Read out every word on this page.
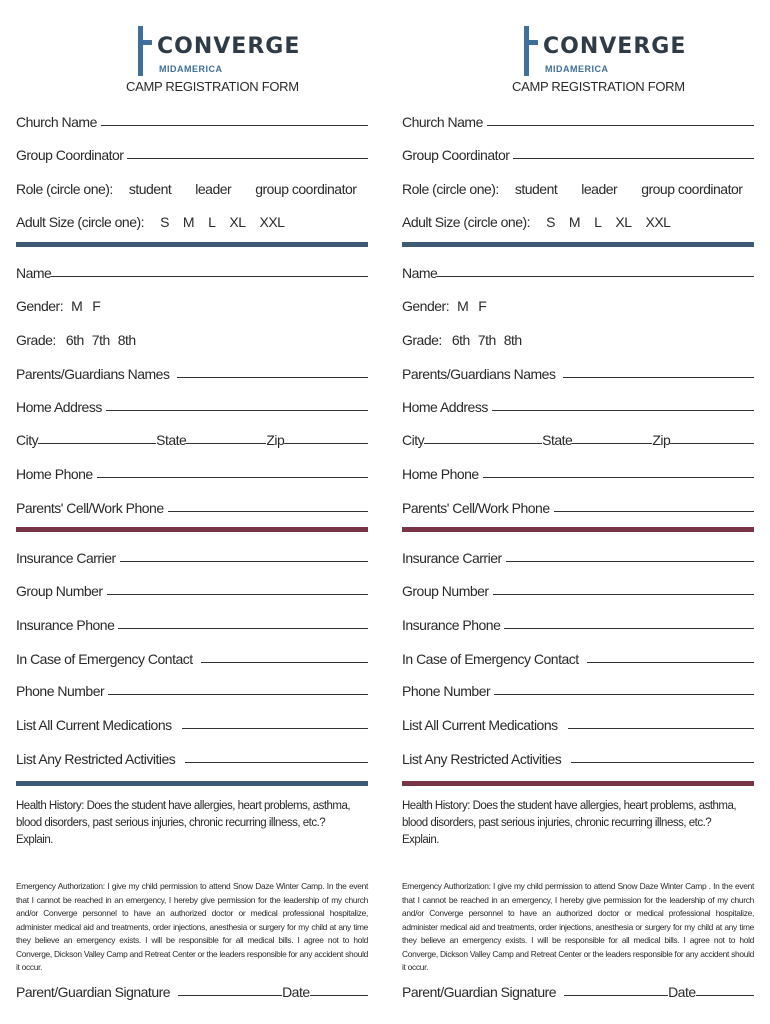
CONVERGE
MIDAMERICA
CAMP REGISTRATION FORM
Church Name
Group Coordinator
Role (circle one): student leader group coordinator
Adult Size (circle one): S M L XL XXL
Name
Gender: M F
Grade: 6th 7th 8th
Parents/Guardians Names
Home Address
City	State	Zip
Home Phone
Parents' Cell/Work Phone
Insurance Carrier
Group Number
Insurance Phone
In Case of Emergency Contact
Phone Number
List All Current Medications
List Any Restricted Activities
Health History: Does the student have allergies, heart problems, asthma, blood disorders, past serious injuries, chronic recurring illness, etc.?
Explain.
Emergency Authorization: I give my child permission to attend Snow Daze Winter Camp. In the event that I cannot be reached in an emergency, I hereby give permission for the leadership of my church and/or Converge personnel to have an authorized doctor or medical professional hospitalize, administer medical aid and treatments, order injections, anesthesia or surgery for my child at any time they believe an emergency exists. I will be responsible for all medical bills. I agree not to hold Converge, Dickson Valley Camp and Retreat Center or the leaders responsible for any accident should it occur.
Parent/Guardian Signature	Date
CONVERGE
MIDAMERICA
CAMP REGISTRATION FORM
Church Name
Group Coordinator
Role (circle one): student leader group coordinator
Adult Size (circle one): S M L XL XXL
Name
Gender: M F
Grade: 6th 7th 8th
Parents/Guardians Names
Home Address
City	State	Zip
Home Phone
Parents' Cell/Work Phone
Insurance Carrier
Group Number
Insurance Phone
In Case of Emergency Contact
Phone Number
List All Current Medications
List Any Restricted Activities
Health History: Does the student have allergies, heart problems, asthma, blood disorders, past serious injuries, chronic recurring illness, etc.?
Explain.
Emergency Authorization: I give my child permission to attend Snow Daze Winter Camp . In the event that I cannot be reached in an emergency, I hereby give permission for the leadership of my church and/or Converge personnel to have an authorized doctor or medical professional hospitalize, administer medical aid and treatments, order injections, anesthesia or surgery for my child at any time they believe an emergency exists. I will be responsible for all medical bills. I agree not to hold Converge, Dickson Valley Camp and Retreat Center or the leaders responsible for any accident should it occur.
Parent/Guardian Signature	Date
